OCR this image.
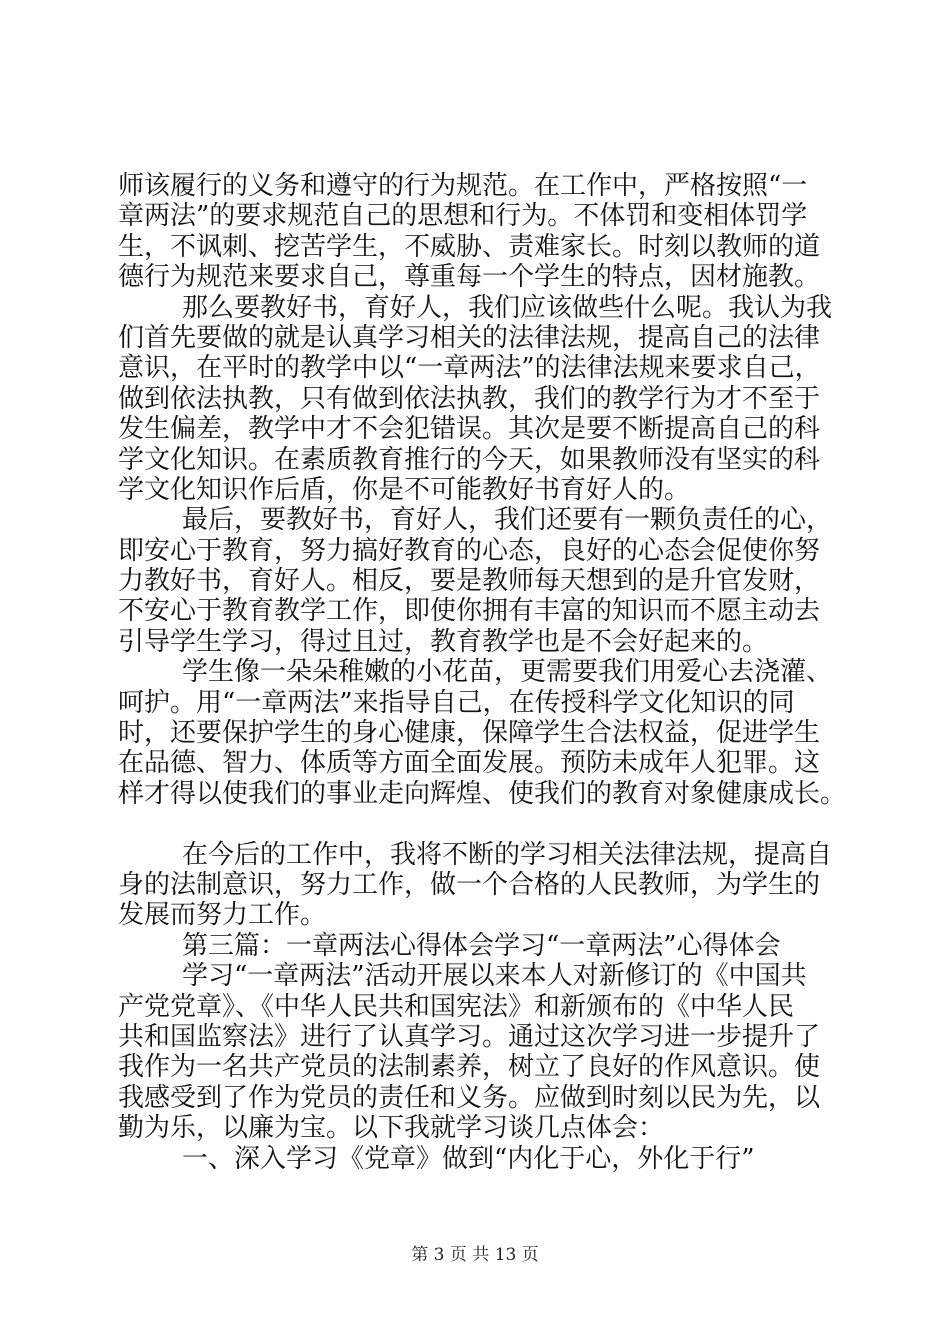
师该履行的义务和遵守的行为规范。在工作中，严格按照“一
章两法”的要求规范自己的思想和行为。不体罚和变相体罚学
生，不讽刺、挖苦学生，不威胁、责难家长。时刻以教师的道
德行为规范来要求自己，尊重每一个学生的特点，因材施教。
那么要教好书，育好人，我们应该做些什么呢。我认为我
们首先要做的就是认真学习相关的法律法规，提高自己的法律
意识，在平时的教学中以“一章两法”的法律法规来要求自己，
做到依法执教，只有做到依法执教，我们的教学行为才不至于
发生偏差，教学中才不会犯错误。其次是要不断提高自己的科
学文化知识。在素质教育推行的今天，如果教师没有坚实的科
学文化知识作后盾，你是不可能教好书育好人的。
最后，要教好书，育好人，我们还要有一颗负责任的心，
即安心于教育，努力搞好教育的心态，良好的心态会促使你努
力教好书，育好人。相反，要是教师每天想到的是升官发财，
不安心于教育教学工作，即使你拥有丰富的知识而不愿主动去
引导学生学习，得过且过，教育教学也是不会好起来的。
学生像一朵朵稚嫩的小花苗，更需要我们用爱心去浇灌、
呵护。用“一章两法”来指导自己，在传授科学文化知识的同
时，还要保护学生的身心健康，保障学生合法权益，促进学生
在品德、智力、体质等方面全面发展。预防未成年人犯罪。这
样才得以使我们的事业走向辉煌、使我们的教育对象健康成长。
在今后的工作中，我将不断的学习相关法律法规，提高自
身的法制意识，努力工作，做一个合格的人民教师，为学生的
发展而努力工作。
第三篇：一章两法心得体会学习“一章两法”心得体会
学习“一章两法”活动开展以来本人对新修订的《中国共
产党党章》、《中华人民共和国宪法》和新颁布的《中华人民
共和国监察法》进行了认真学习。通过这次学习进一步提升了
我作为一名共产党员的法制素养，树立了良好的作风意识。使
我感受到了作为党员的责任和义务。应做到时刻以民为先，以
勤为乐，以廉为宝。以下我就学习谈几点体会：
一、深入学习《党章》做到“内化于心，外化于行”
第 3 页 共 13 页
